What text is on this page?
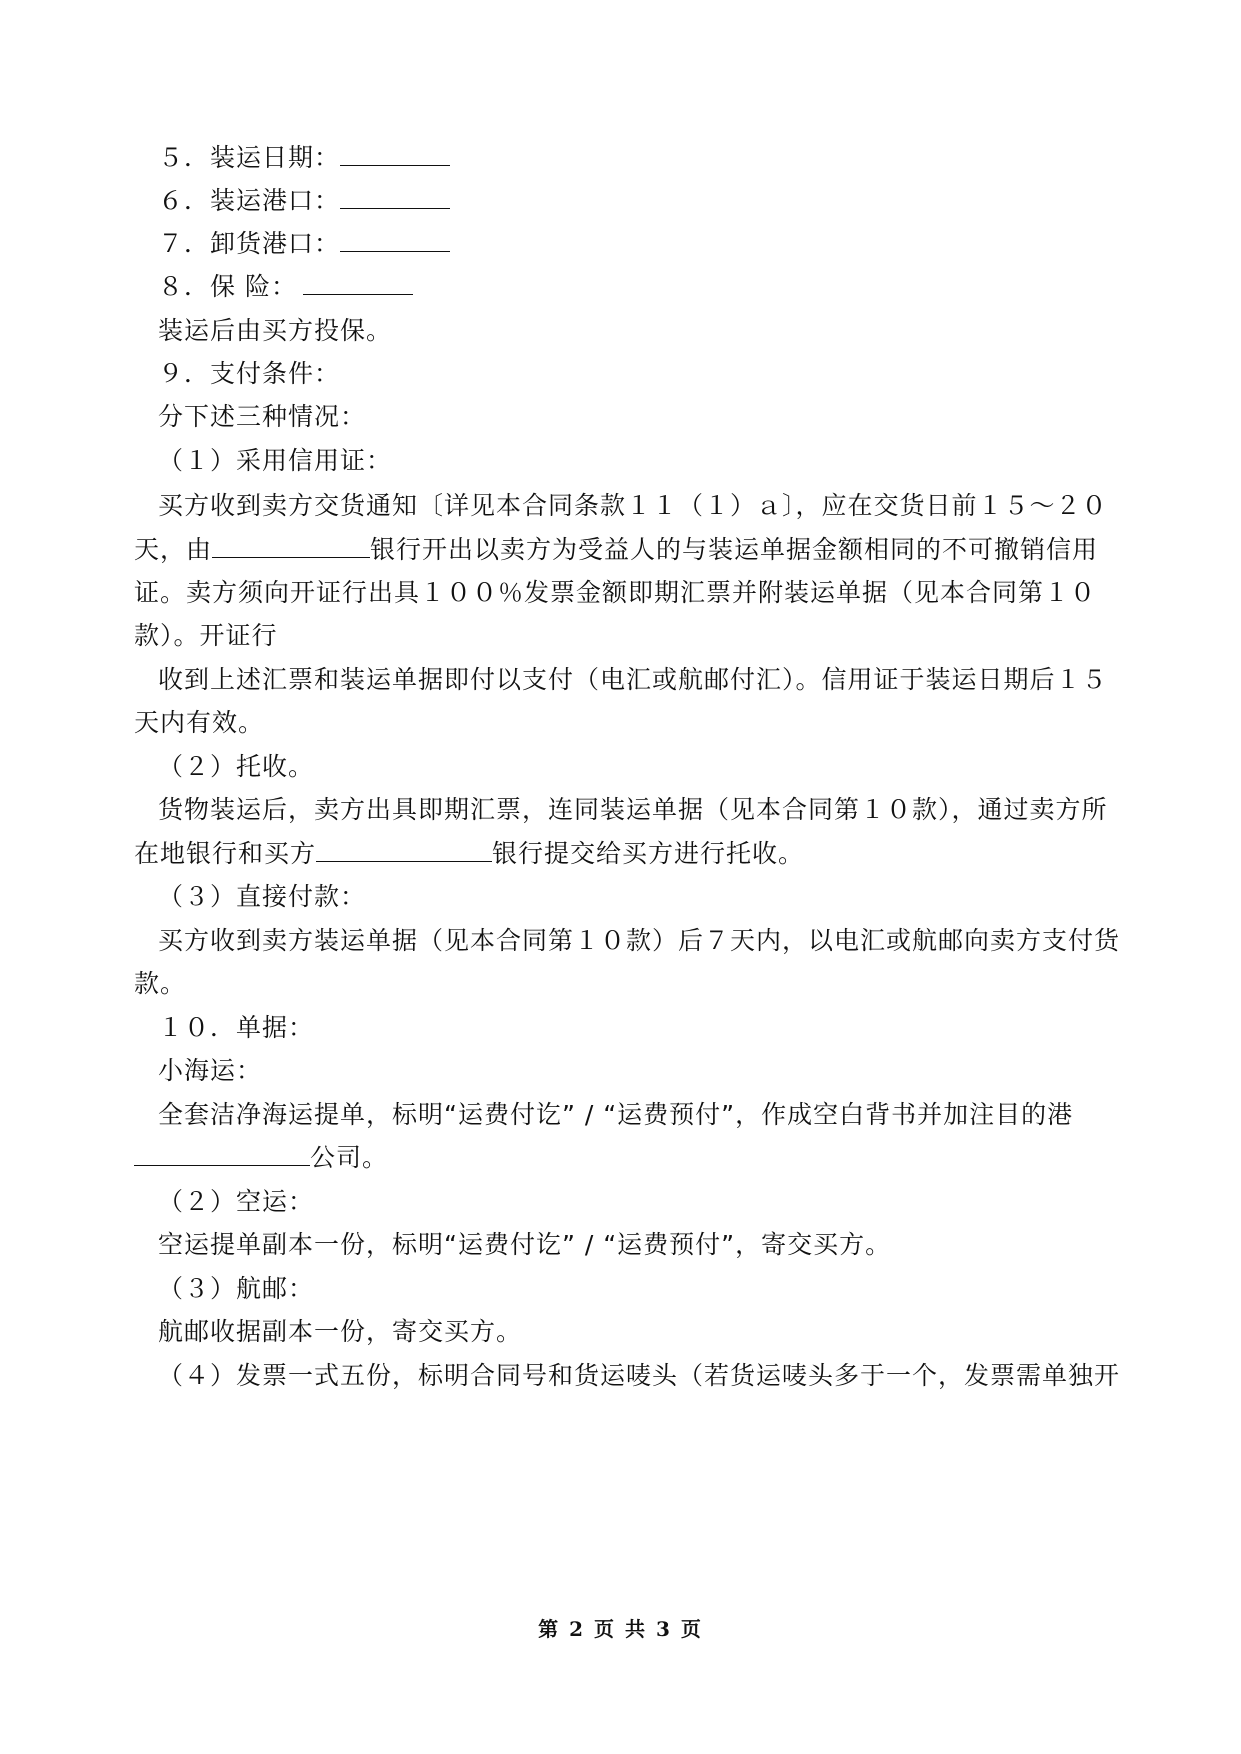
５．装运日期：
６．装运港口：
７．卸货港口：
８．保 险：
装运后由买方投保。
９．支付条件：
分下述三种情况：
（１）采用信用证：
买方收到卖方交货通知〔详见本合同条款１１（１）ａ〕，应在交货日前１５～２０
天，由	银行开出以卖方为受益人的与装运单据金额相同的不可撤销信用
证。卖方须向开证行出具１００％发票金额即期汇票并附装运单据（见本合同第１０
款）。开证行
收到上述汇票和装运单据即付以支付（电汇或航邮付汇）。信用证于装运日期后１５
天内有效。
（２）托收。
货物装运后，卖方出具即期汇票，连同装运单据（见本合同第１０款），通过卖方所
在地银行和买方	银行提交给买方进行托收。
（３）直接付款：
买方收到卖方装运单据（见本合同第１０款）后７天内，以电汇或航邮向卖方支付货
款。
１０．单据：
小海运：
全套洁净海运提单，标明“运费付讫” / “运费预付”，作成空白背书并加注目的港
公司。
（２）空运：
空运提单副本一份，标明“运费付讫” / “运费预付”，寄交买方。
（３）航邮：
航邮收据副本一份，寄交买方。
（４）发票一式五份，标明合同号和货运唛头（若货运唛头多于一个，发票需单独开
第 2 页 共 3 页
